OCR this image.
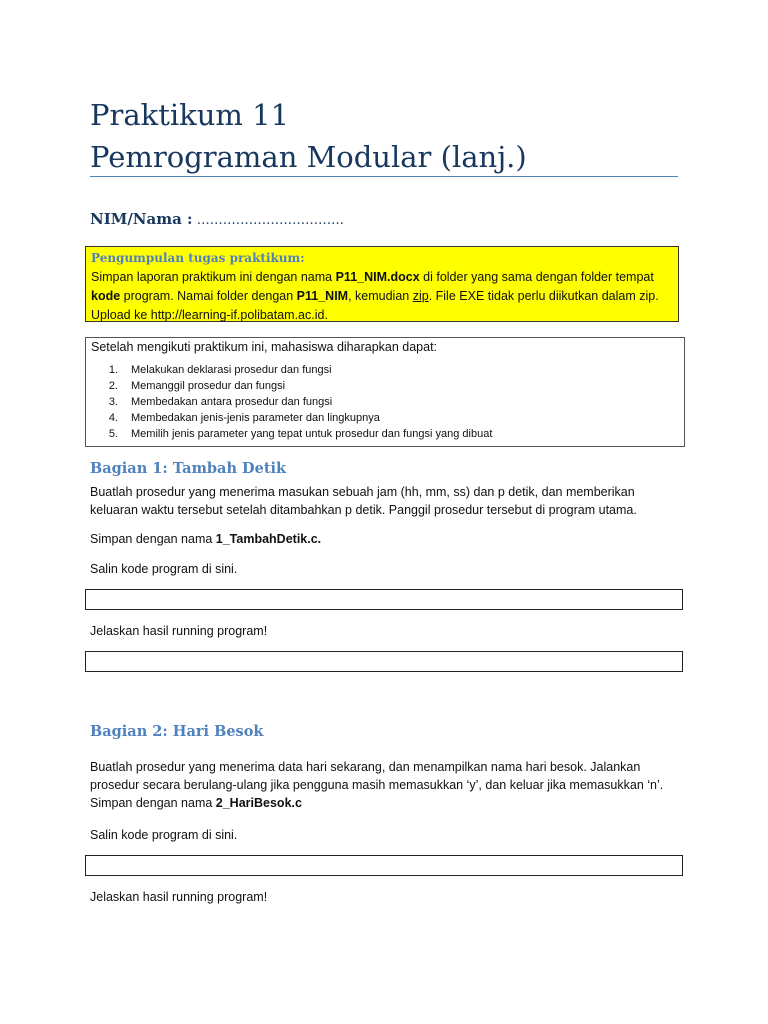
Praktikum 11
Pemrograman Modular (lanj.)
NIM/Nama : …………………………….
Pengumpulan tugas praktikum:
Simpan laporan praktikum ini dengan nama P11_NIM.docx di folder yang sama dengan folder tempat
kode program. Namai folder dengan P11_NIM, kemudian zip. File EXE tidak perlu diikutkan dalam zip.
Upload ke http://learning-if.polibatam.ac.id.
Setelah mengikuti praktikum ini, mahasiswa diharapkan dapat:
1. Melakukan deklarasi prosedur dan fungsi
2. Memanggil prosedur dan fungsi
3. Membedakan antara prosedur dan fungsi
4. Membedakan jenis-jenis parameter dan lingkupnya
5. Memilih jenis parameter yang tepat untuk prosedur dan fungsi yang dibuat
Bagian 1: Tambah Detik
Buatlah prosedur yang menerima masukan sebuah jam (hh, mm, ss) dan p detik, dan memberikan
keluaran waktu tersebut setelah ditambahkan p detik. Panggil prosedur tersebut di program utama.
Simpan dengan nama 1_TambahDetik.c.
Salin kode program di sini.
Jelaskan hasil running program!
Bagian 2: Hari Besok
Buatlah prosedur yang menerima data hari sekarang, dan menampilkan nama hari besok. Jalankan
prosedur secara berulang-ulang jika pengguna masih memasukkan ‘y’, dan keluar jika memasukkan ‘n’.
Simpan dengan nama 2_HariBesok.c
Salin kode program di sini.
Jelaskan hasil running program!
